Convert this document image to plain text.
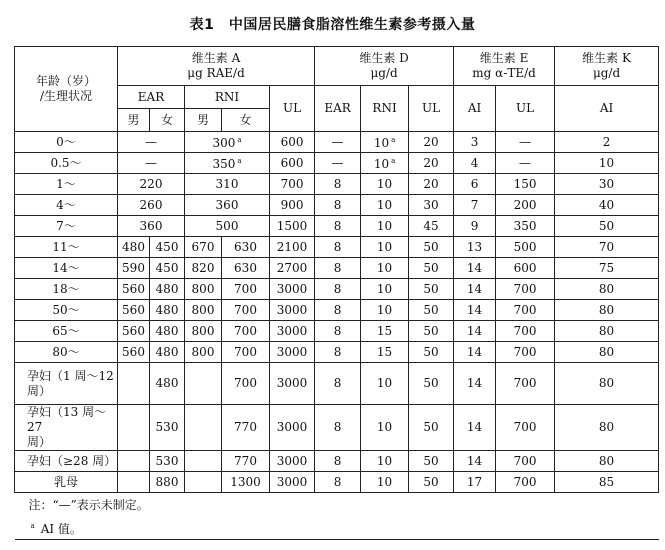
表1　中国居民膳食脂溶性维生素参考摄入量
年龄（岁）
/生理状况	维生素 A
μg RAE/d					维生素 D
μg/d			维生素 E
mg α-TE/d		维生素 K
μg/d
	EAR		RNI		UL	EAR	RNI	UL	AI	UL	AI
	男	女	男	女							
0～	—		300 $^a$		600	—	10 $^a$	20	3	—	2
0.5～	—		350 $^a$		600	—	10 $^a$	20	4	—	10
1～	220		310		700	8	10	20	6	150	30
4～	260		360		900	8	10	30	7	200	40
7～	360		500		1500	8	10	45	9	350	50
11～	480	450	670	630	2100	8	10	50	13	500	70
14～	590	450	820	630	2700	8	10	50	14	600	75
18～	560	480	800	700	3000	8	10	50	14	700	80
50～	560	480	800	700	3000	8	10	50	14	700	80
65～	560	480	800	700	3000	8	15	50	14	700	80
80～	560	480	800	700	3000	8	15	50	14	700	80
孕妇（1 周～12
周）		480		700	3000	8	10	50	14	700	80
孕妇（13 周～27
周）		530		770	3000	8	10	50	14	700	80
孕妇（≥28 周）		530		770	3000	8	10	50	14	700	80
乳母		880		1300	3000	8	10	50	17	700	85
注：“—”表示未制定。											
$^a$ AI 值。											
